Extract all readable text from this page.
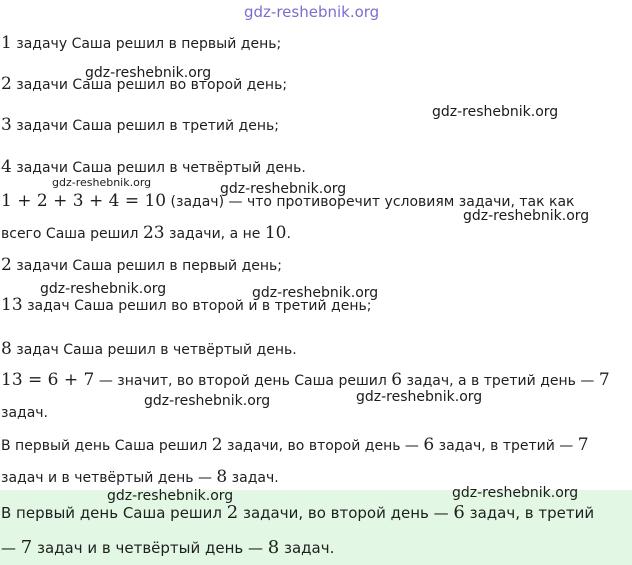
gdz-reshebnik.org
gdz-reshebnik.org
gdz-reshebnik.org
gdz-reshebnik.org	gdz-reshebnik.org
gdz-reshebnik.org
gdz-reshebnik.org	gdz-reshebnik.org
gdz-reshebnik.org	gdz-reshebnik.org
gdz-reshebnik.org	gdz-reshebnik.org
1 задачу Саша решил в первый день;
2 задачи Саша решил во второй день;
3 задачи Саша решил в третий день;
4 задачи Саша решил в четвёртый день.
1 + 2 + 3 + 4 = 10 (задач) — что противоречит условиям задачи, так как
всего Саша решил 23 задачи, а не 10.
2 задачи Саша решил в первый день;
13 задач Саша решил во второй и в третий день;
8 задач Саша решил в четвёртый день.
13 = 6 + 7 — значит, во второй день Саша решил 6 задач, а в третий день — 7
задач.
В первый день Саша решил 2 задачи, во второй день — 6 задач, в третий — 7
задач и в четвёртый день — 8 задач.
В первый день Саша решил 2 задачи, во второй день — 6 задач, в третий
— 7 задач и в четвёртый день — 8 задач.
